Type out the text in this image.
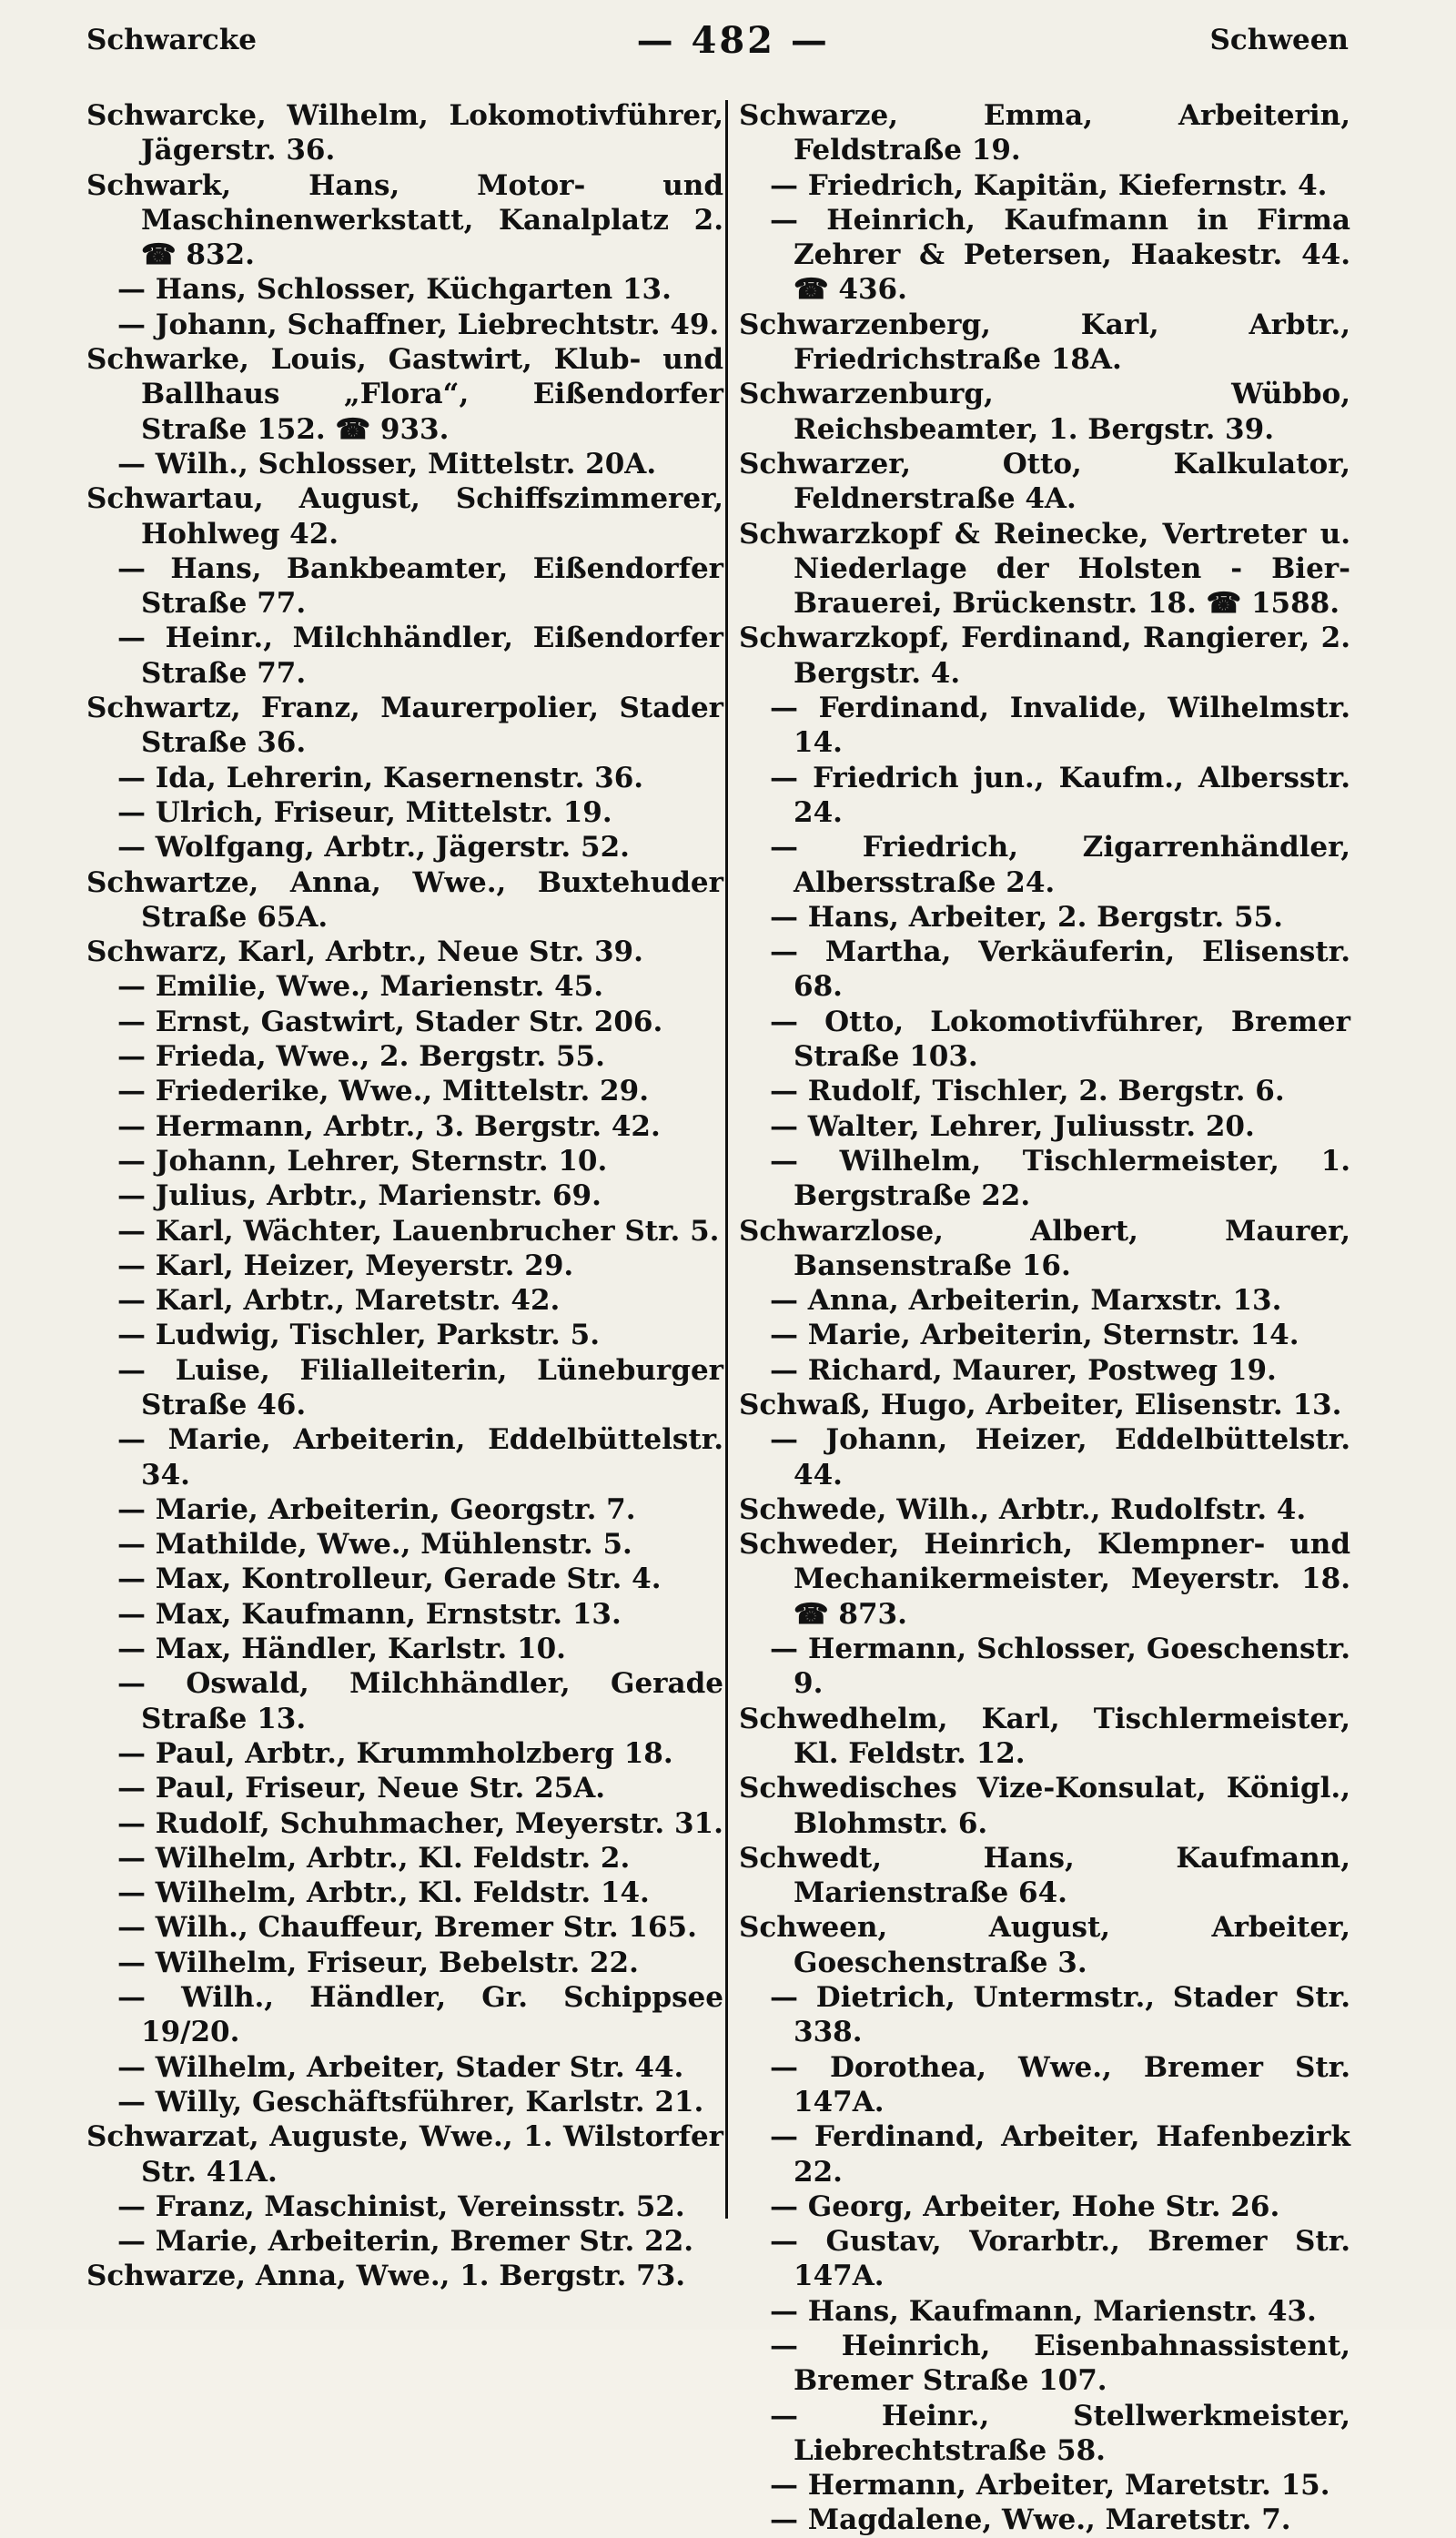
Schwarcke	— 482 —	Schween
Schwarcke, Wilhelm, Lokomotivführer, Jägerstr. 36.
Schwark, Hans, Motor- und Maschinenwerkstatt, Kanalplatz 2. ☎ 832.
— Hans, Schlosser, Küchgarten 13.
— Johann, Schaffner, Liebrechtstr. 49.
Schwarke, Louis, Gastwirt, Klub- und Ballhaus „Flora“, Eißendorfer Straße 152. ☎ 933.
— Wilh., Schlosser, Mittelstr. 20A.
Schwartau, August, Schiffszimmerer, Hohlweg 42.
— Hans, Bankbeamter, Eißendorfer Straße 77.
— Heinr., Milchhändler, Eißendorfer Straße 77.
Schwartz, Franz, Maurerpolier, Stader Straße 36.
— Ida, Lehrerin, Kasernenstr. 36.
— Ulrich, Friseur, Mittelstr. 19.
— Wolfgang, Arbtr., Jägerstr. 52.
Schwartze, Anna, Wwe., Buxtehuder Straße 65A.
Schwarz, Karl, Arbtr., Neue Str. 39.
— Emilie, Wwe., Marienstr. 45.
— Ernst, Gastwirt, Stader Str. 206.
— Frieda, Wwe., 2. Bergstr. 55.
— Friederike, Wwe., Mittelstr. 29.
— Hermann, Arbtr., 3. Bergstr. 42.
— Johann, Lehrer, Sternstr. 10.
— Julius, Arbtr., Marienstr. 69.
— Karl, Wächter, Lauenbrucher Str. 5.
— Karl, Heizer, Meyerstr. 29.
— Karl, Arbtr., Maretstr. 42.
— Ludwig, Tischler, Parkstr. 5.
— Luise, Filialleiterin, Lüneburger Straße 46.
— Marie, Arbeiterin, Eddelbüttelstr. 34.
— Marie, Arbeiterin, Georgstr. 7.
— Mathilde, Wwe., Mühlenstr. 5.
— Max, Kontrolleur, Gerade Str. 4.
— Max, Kaufmann, Ernststr. 13.
— Max, Händler, Karlstr. 10.
— Oswald, Milchhändler, Gerade Straße 13.
— Paul, Arbtr., Krummholzberg 18.
— Paul, Friseur, Neue Str. 25A.
— Rudolf, Schuhmacher, Meyerstr. 31.
— Wilhelm, Arbtr., Kl. Feldstr. 2.
— Wilhelm, Arbtr., Kl. Feldstr. 14.
— Wilh., Chauffeur, Bremer Str. 165.
— Wilhelm, Friseur, Bebelstr. 22.
— Wilh., Händler, Gr. Schippsee 19/20.
— Wilhelm, Arbeiter, Stader Str. 44.
— Willy, Geschäftsführer, Karlstr. 21.
Schwarzat, Auguste, Wwe., 1. Wilstorfer Str. 41A.
— Franz, Maschinist, Vereinsstr. 52.
— Marie, Arbeiterin, Bremer Str. 22.
Schwarze, Anna, Wwe., 1. Bergstr. 73.
Schwarze, Emma, Arbeiterin, Feldstraße 19.
— Friedrich, Kapitän, Kiefernstr. 4.
— Heinrich, Kaufmann in Firma Zehrer & Petersen, Haakestr. 44. ☎ 436.
Schwarzenberg, Karl, Arbtr., Friedrichstraße 18A.
Schwarzenburg, Wübbo, Reichsbeamter, 1. Bergstr. 39.
Schwarzer, Otto, Kalkulator, Feldnerstraße 4A.
Schwarzkopf & Reinecke, Vertreter u. Niederlage der Holsten - Bier-Brauerei, Brückenstr. 18. ☎ 1588.
Schwarzkopf, Ferdinand, Rangierer, 2. Bergstr. 4.
— Ferdinand, Invalide, Wilhelmstr. 14.
— Friedrich jun., Kaufm., Albersstr. 24.
— Friedrich, Zigarrenhändler, Albersstraße 24.
— Hans, Arbeiter, 2. Bergstr. 55.
— Martha, Verkäuferin, Elisenstr. 68.
— Otto, Lokomotivführer, Bremer Straße 103.
— Rudolf, Tischler, 2. Bergstr. 6.
— Walter, Lehrer, Juliusstr. 20.
— Wilhelm, Tischlermeister, 1. Bergstraße 22.
Schwarzlose, Albert, Maurer, Bansenstraße 16.
— Anna, Arbeiterin, Marxstr. 13.
— Marie, Arbeiterin, Sternstr. 14.
— Richard, Maurer, Postweg 19.
Schwaß, Hugo, Arbeiter, Elisenstr. 13.
— Johann, Heizer, Eddelbüttelstr. 44.
Schwede, Wilh., Arbtr., Rudolfstr. 4.
Schweder, Heinrich, Klempner- und Mechanikermeister, Meyerstr. 18. ☎ 873.
— Hermann, Schlosser, Goeschenstr. 9.
Schwedhelm, Karl, Tischlermeister, Kl. Feldstr. 12.
Schwedisches Vize-Konsulat, Königl., Blohmstr. 6.
Schwedt, Hans, Kaufmann, Marienstraße 64.
Schween, August, Arbeiter, Goeschenstraße 3.
— Dietrich, Untermstr., Stader Str. 338.
— Dorothea, Wwe., Bremer Str. 147A.
— Ferdinand, Arbeiter, Hafenbezirk 22.
— Georg, Arbeiter, Hohe Str. 26.
— Gustav, Vorarbtr., Bremer Str. 147A.
— Hans, Kaufmann, Marienstr. 43.
— Heinrich, Eisenbahnassistent, Bremer Straße 107.
— Heinr., Stellwerkmeister, Liebrechtstraße 58.
— Hermann, Arbeiter, Maretstr. 15.
— Magdalene, Wwe., Maretstr. 7.
